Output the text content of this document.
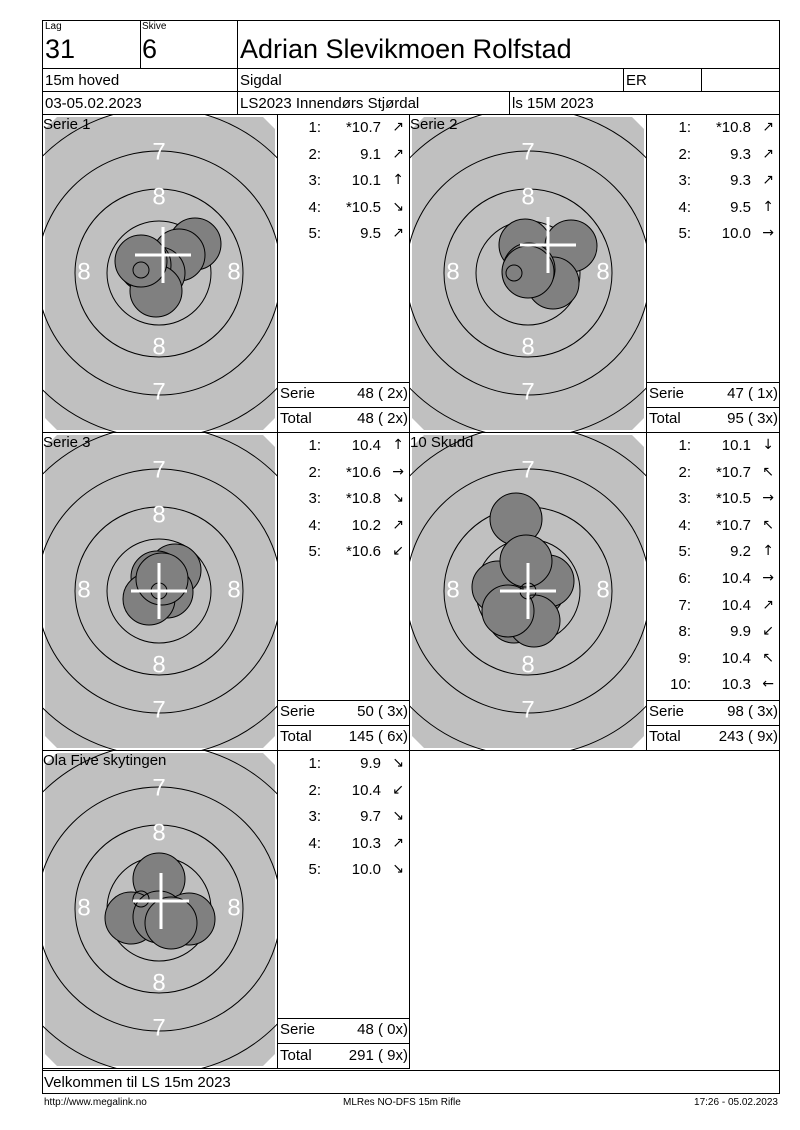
Lag
31
Skive
6	Adrian Slevikmoen Rolfstad
15m hoved	Sigdal	ER
03-05.02.2023	LS2023 Innendørs Stjørdal	ls 15M 2023
7
7
8
8
8	8
7
7
8
8
8	8
7
7
8
8
8	8
7
7
8
8	8
7
7
8
8
8	8
Serie 1	Serie 2
Serie 3	10 Skudd
Ola Five skytingen
1: *10.7 ↗
2:	9.1 ↗
3: 10.1 ↑
4: *10.5 ↘
5:	9.5 ↗
1: *10.8 ↗
2:	9.3 ↗
3:	9.3 ↗
4:	9.5 ↑
5: 10.0 →
1: 10.4 ↑
2: *10.6 →
3: *10.8 ↘
4: 10.2 ↗
5: *10.6 ↙
1: 10.1 ↓
2: *10.7 ↖
3: *10.5 →
4: *10.7 ↖
5:	9.2 ↑
6: 10.4 →
7: 10.4 ↗
8:	9.9 ↙
9: 10.4 ↖
10: 10.3 ←
1:	9.9 ↘
2: 10.4 ↙
3:	9.7 ↘
4: 10.3 ↗
5: 10.0 ↘
Serie	48 ( 2x)
Total	48 ( 2x)
Serie	47 ( 1x)
Total	95 ( 3x)
Serie	50 ( 3x)
Total 145 ( 6x)
Serie	98 ( 3x)
Total	243 ( 9x)
Serie	48 ( 0x)
Total 291 ( 9x)
Velkommen til LS 15m 2023
http://www.megalink.no	MLRes NO-DFS 15m Rifle	17:26 - 05.02.2023
